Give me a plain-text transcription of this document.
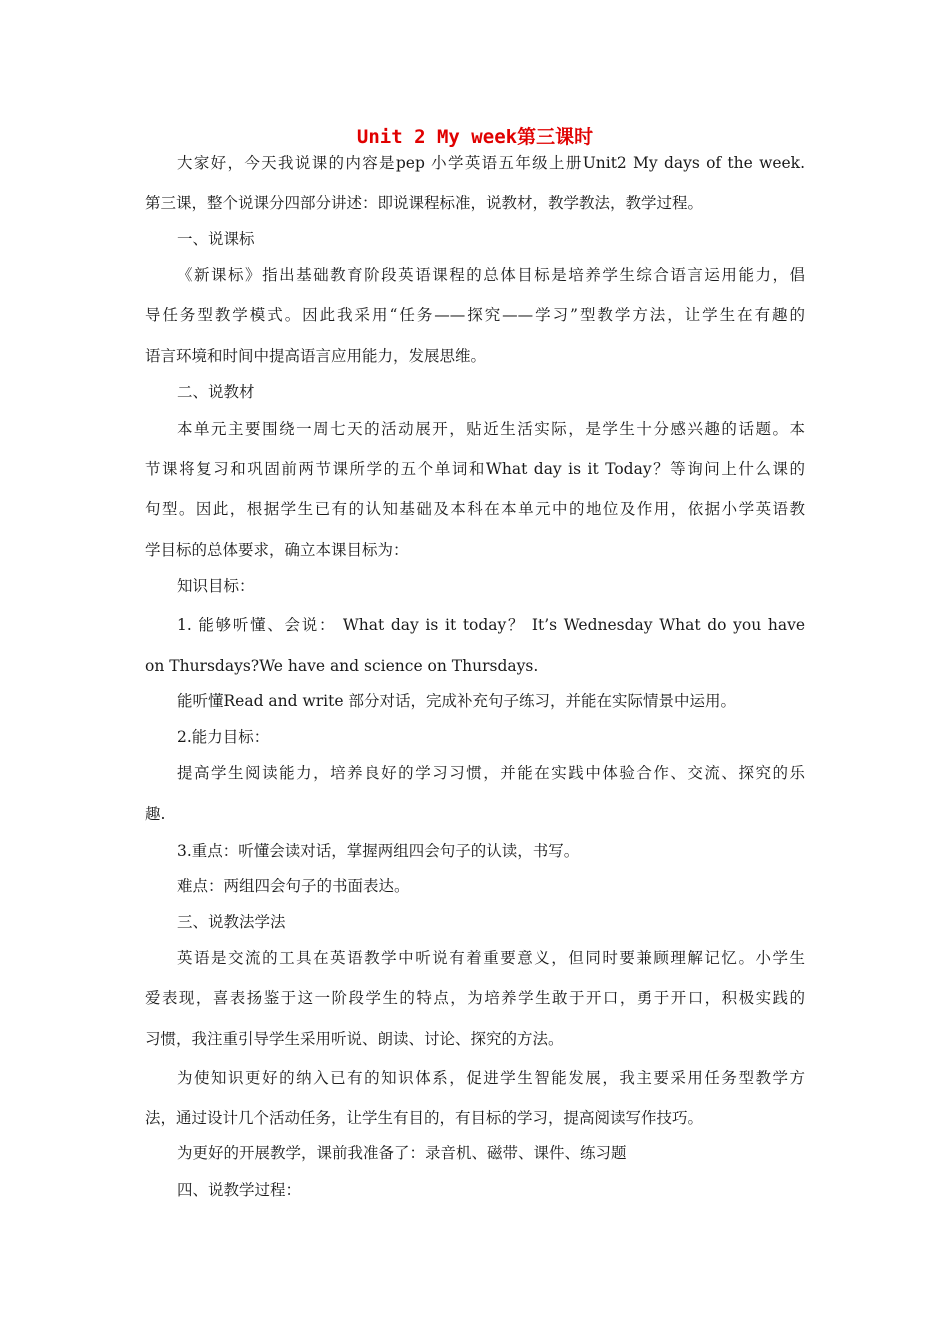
Unit 2 My week第三课时

大家好，今天我说课的内容是pep 小学英语五年级上册Unit2 My days of the week.

第三课，整个说课分四部分讲述：即说课程标准，说教材，教学教法，教学过程。

一、说课标

《新课标》指出基础教育阶段英语课程的总体目标是培养学生综合语言运用能力，倡

导任务型教学模式。因此我采用“任务——探究——学习”型教学方法，让学生在有趣的

语言环境和时间中提高语言应用能力，发展思维。

二、说教材

本单元主要围绕一周七天的活动展开，贴近生活实际，是学生十分感兴趣的话题。本

节课将复习和巩固前两节课所学的五个单词和What day is it Today？等询问上什么课的

句型。因此，根据学生已有的认知基础及本科在本单元中的地位及作用，依据小学英语教

学目标的总体要求，确立本课目标为：

知识目标：

1. 能够听懂、会说： What day is it today？ It’s Wednesday What do you have

on Thursdays?We have and science on Thursdays.

能听懂Read and write 部分对话，完成补充句子练习，并能在实际情景中运用。

2.能力目标：

提高学生阅读能力，培养良好的学习习惯，并能在实践中体验合作、交流、探究的乐

趣.

3.重点：听懂会读对话，掌握两组四会句子的认读，书写。

难点：两组四会句子的书面表达。

三、说教法学法

英语是交流的工具在英语教学中听说有着重要意义，但同时要兼顾理解记忆。小学生

爱表现，喜表扬鉴于这一阶段学生的特点，为培养学生敢于开口，勇于开口，积极实践的

习惯，我注重引导学生采用听说、朗读、讨论、探究的方法。

为使知识更好的纳入已有的知识体系，促进学生智能发展，我主要采用任务型教学方

法，通过设计几个活动任务，让学生有目的，有目标的学习，提高阅读写作技巧。

为更好的开展教学，课前我准备了：录音机、磁带、课件、练习题

四、说教学过程：
